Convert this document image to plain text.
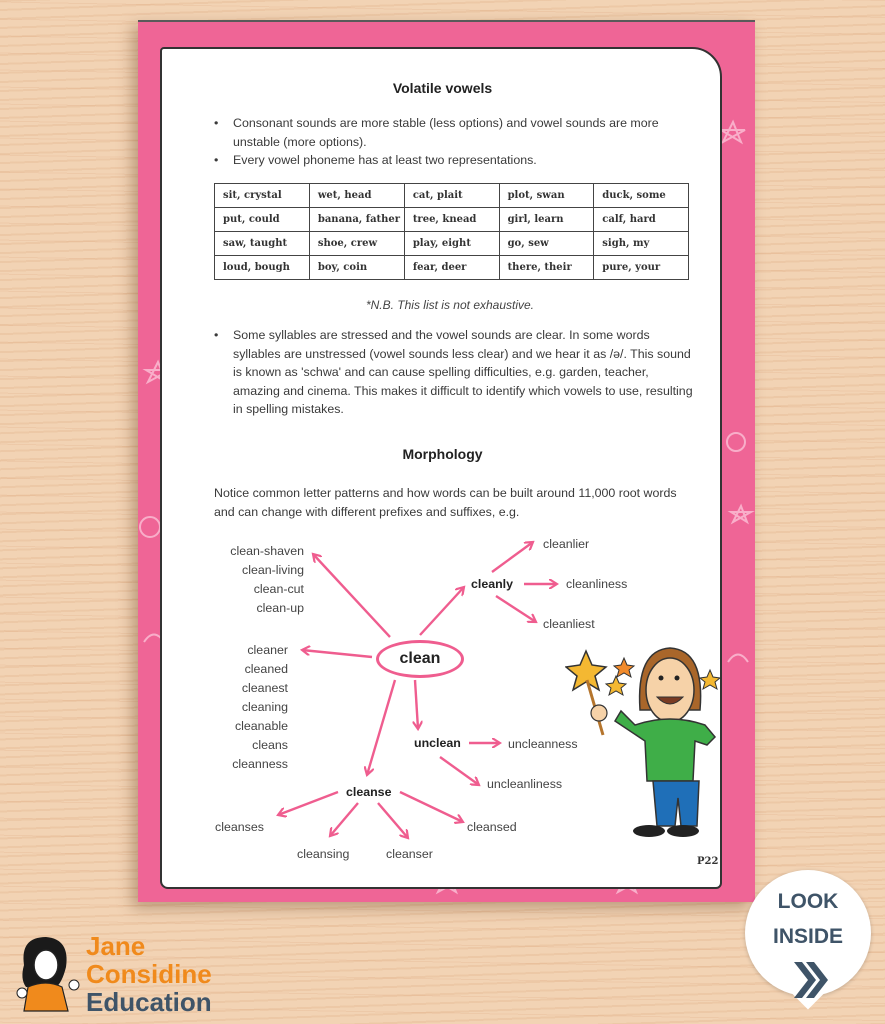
Volatile vowels
• Consonant sounds are more stable (less options) and vowel sounds are more unstable (more options).
• Every vowel phoneme has at least two representations.
sit, crystal	wet, head	cat, plait	plot, swan	duck, some
put, could	banana, father	tree, knead	girl, learn	calf, hard
saw, taught	shoe, crew	play, eight	go, sew	sigh, my
loud, bough	boy, coin	fear, deer	there, their	pure, your
*N.B. This list is not exhaustive.
• Some syllables are stressed and the vowel sounds are clear. In some words syllables are unstressed (vowel sounds less clear) and we hear it as /ə/. This sound is known as 'schwa' and can cause spelling difficulties, e.g. garden, teacher, amazing and cinema. This makes it difficult to identify which vowels to use, resulting in spelling mistakes.
Morphology
Notice common letter patterns and how words can be built around 11,000 root words and can change with different prefixes and suffixes, e.g.
clean-shaven
clean-living
clean-cut
clean-up
cleaner
cleaned
cleanest
cleaning
cleanable
cleans
cleanness
clean
cleanly
cleanlier
cleanliness
cleanliest
unclean	uncleanness
uncleanliness
cleanse
cleanses
cleansing	cleanser
cleansed
P22
Jane
Considine
Education
LOOK
INSIDE
